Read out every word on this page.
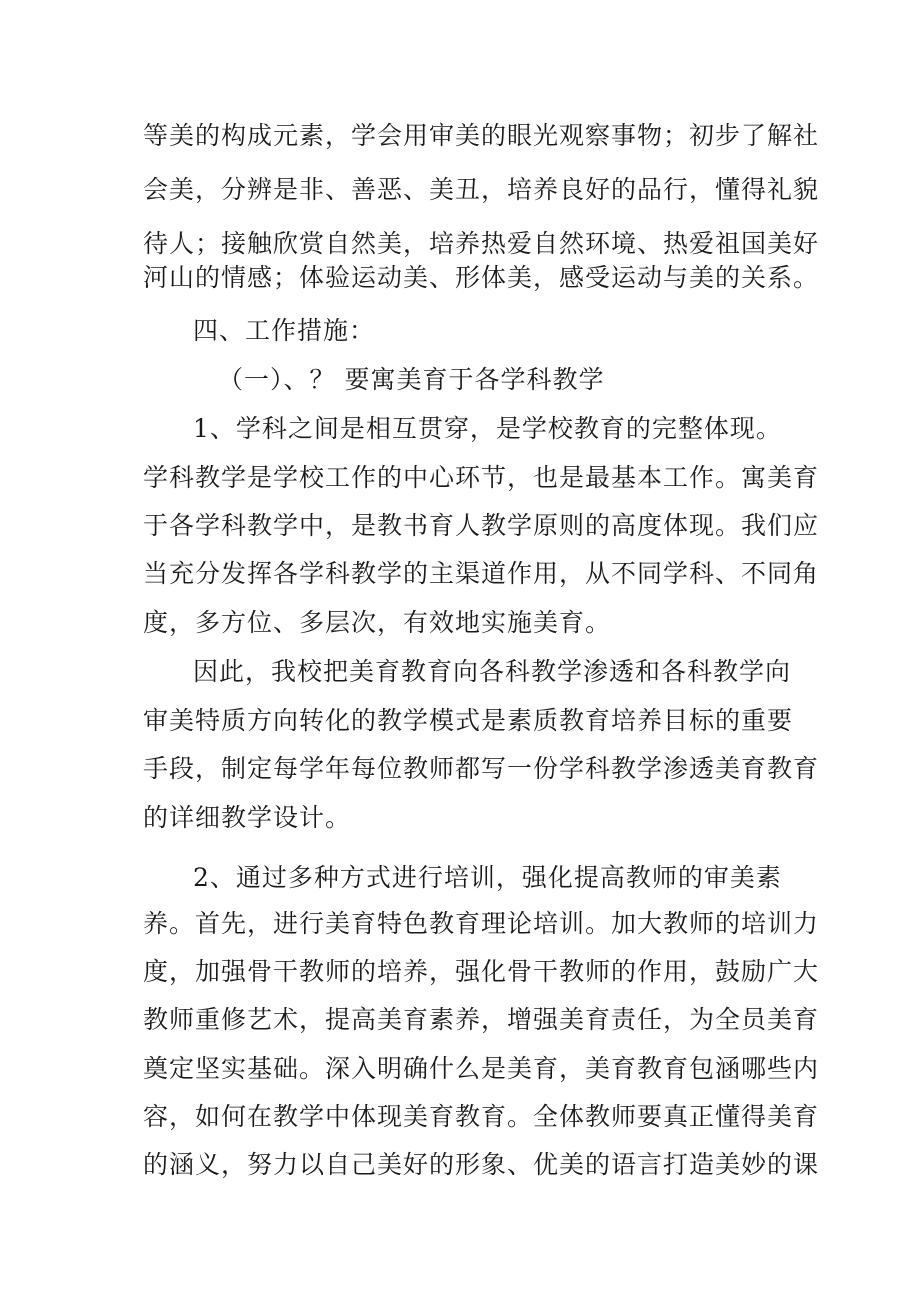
等美的构成元素，学会用审美的眼光观察事物；初步了解社
会美，分辨是非、善恶、美丑，培养良好的品行，懂得礼貌
待人；接触欣赏自然美，培养热爱自然环境、热爱祖国美好
河山的情感；体验运动美、形体美，感受运动与美的关系。
四、工作措施：
（一）、？ 要寓美育于各学科教学
1、学科之间是相互贯穿，是学校教育的完整体现。
学科教学是学校工作的中心环节，也是最基本工作。寓美育
于各学科教学中，是教书育人教学原则的高度体现。我们应
当充分发挥各学科教学的主渠道作用，从不同学科、不同角
度，多方位、多层次，有效地实施美育。
因此，我校把美育教育向各科教学渗透和各科教学向
审美特质方向转化的教学模式是素质教育培养目标的重要
手段，制定每学年每位教师都写一份学科教学渗透美育教育
的详细教学设计。
2、通过多种方式进行培训，强化提高教师的审美素
养。首先，进行美育特色教育理论培训。加大教师的培训力
度，加强骨干教师的培养，强化骨干教师的作用，鼓励广大
教师重修艺术，提高美育素养，增强美育责任，为全员美育
奠定坚实基础。深入明确什么是美育，美育教育包涵哪些内
容，如何在教学中体现美育教育。全体教师要真正懂得美育
的涵义，努力以自己美好的形象、优美的语言打造美妙的课
